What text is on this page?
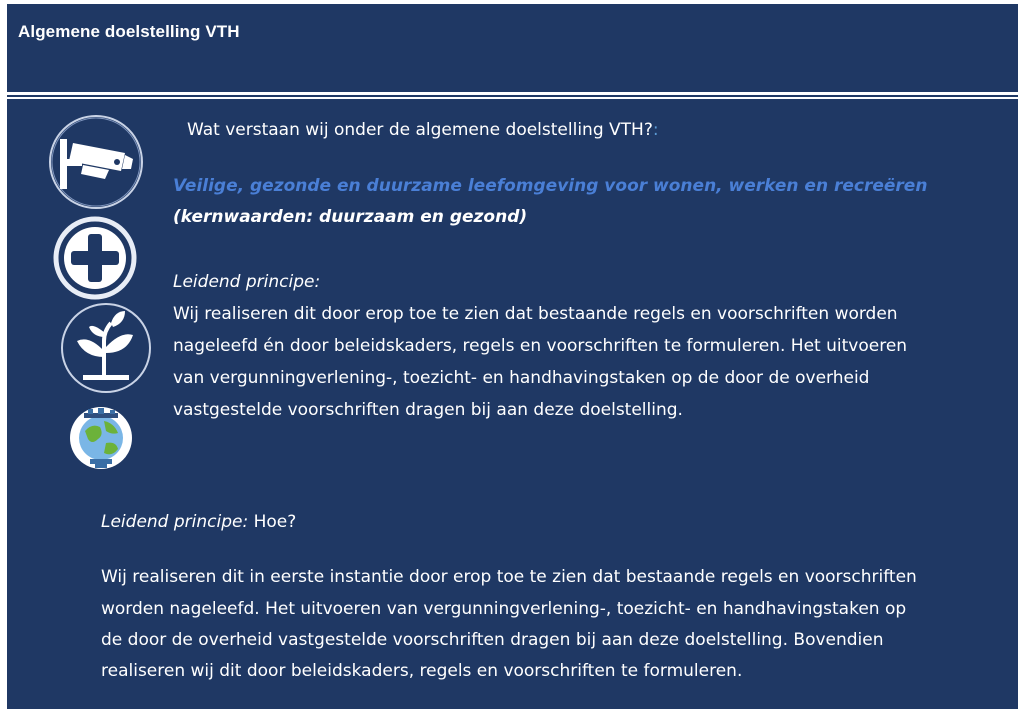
Algemene doelstelling VTH
Wat verstaan wij onder de algemene doelstelling VTH?:
Veilige, gezonde en duurzame leefomgeving voor wonen, werken en recreëren
(kernwaarden: duurzaam en gezond)
Leidend principe:
Wij realiseren dit door erop toe te zien dat bestaande regels en voorschriften worden
nageleefd én door beleidskaders, regels en voorschriften te formuleren. Het uitvoeren
van vergunningverlening-, toezicht- en handhavingstaken op de door de overheid
vastgestelde voorschriften dragen bij aan deze doelstelling.
Leidend principe: Hoe?
Wij realiseren dit in eerste instantie door erop toe te zien dat bestaande regels en voorschriften
worden nageleefd. Het uitvoeren van vergunningverlening-, toezicht- en handhavingstaken op
de door de overheid vastgestelde voorschriften dragen bij aan deze doelstelling. Bovendien
realiseren wij dit door beleidskaders, regels en voorschriften te formuleren.
